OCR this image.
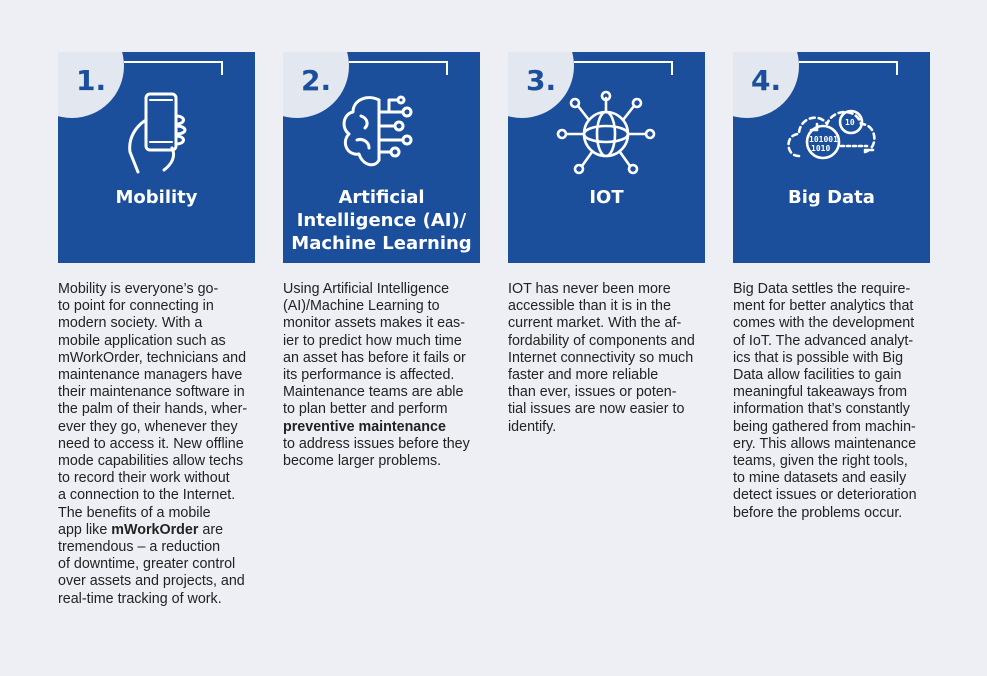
1.
Mobility
Mobility is everyone’s go-
to point for connecting in
modern society. With a
mobile application such as
mWorkOrder, technicians and
maintenance managers have
their maintenance software in
the palm of their hands, wher-
ever they go, whenever they
need to access it. New offline
mode capabilities allow techs
to record their work without
a connection to the Internet.
The benefits of a mobile
app like mWorkOrder are
tremendous – a reduction
of downtime, greater control
over assets and projects, and
real-time tracking of work.
2.
Artificial
Intelligence (AI)/
Machine Learning
Using Artificial Intelligence
(AI)/Machine Learning to
monitor assets makes it eas-
ier to predict how much time
an asset has before it fails or
its performance is affected.
Maintenance teams are able
to plan better and perform
preventive maintenance
to address issues before they
become larger problems.
3.
IOT
IOT has never been more
accessible than it is in the
current market. With the af-
fordability of components and
Internet connectivity so much
faster and more reliable
than ever, issues or poten-
tial issues are now easier to
identify.
4.
10
101001
1010
Big Data
Big Data settles the require-
ment for better analytics that
comes with the development
of IoT. The advanced analyt-
ics that is possible with Big
Data allow facilities to gain
meaningful takeaways from
information that’s constantly
being gathered from machin-
ery. This allows maintenance
teams, given the right tools,
to mine datasets and easily
detect issues or deterioration
before the problems occur.
